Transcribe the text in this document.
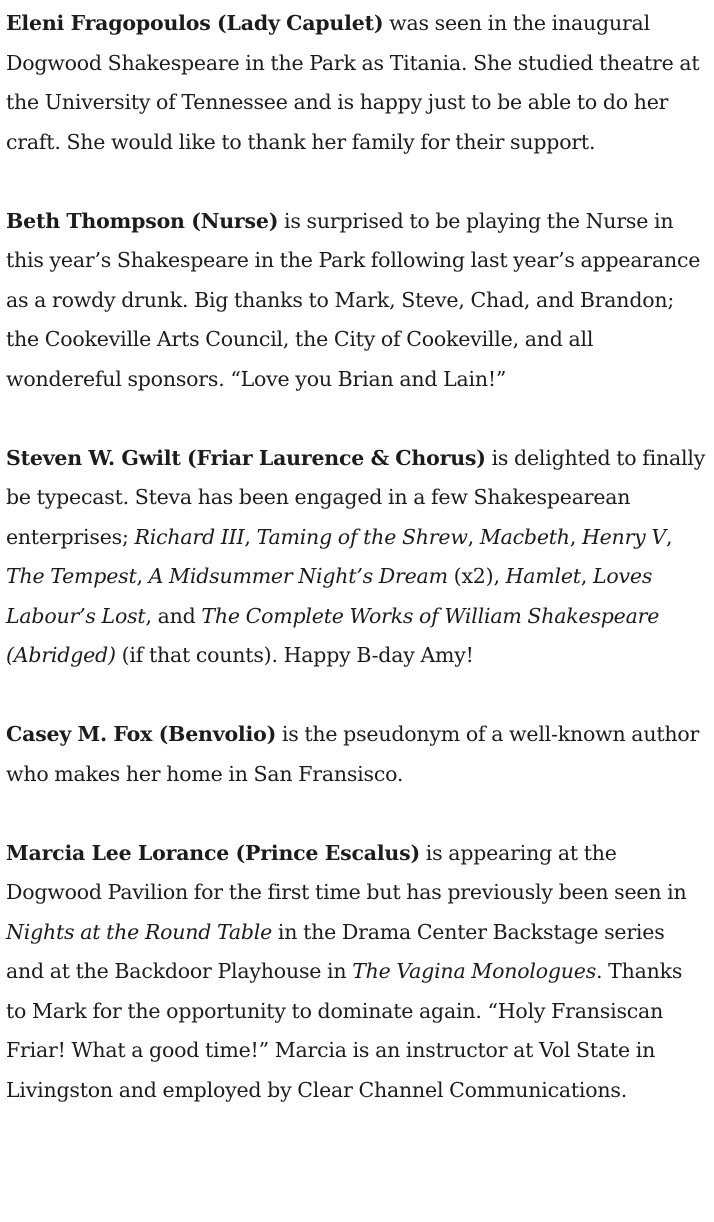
Eleni Fragopoulos (Lady Capulet) was seen in the inaugural Dogwood Shakespeare in the Park as Titania. She studied theatre at the University of Tennessee and is happy just to be able to do her craft. She would like to thank her family for their support.

Beth Thompson (Nurse) is surprised to be playing the Nurse in this year’s Shakespeare in the Park following last year’s appearance as a rowdy drunk. Big thanks to Mark, Steve, Chad, and Brandon; the Cookeville Arts Council, the City of Cookeville, and all wondereful sponsors. “Love you Brian and Lain!”

Steven W. Gwilt (Friar Laurence & Chorus) is delighted to finally be typecast. Steva has been engaged in a few Shakespearean enterprises; Richard III, Taming of the Shrew, Macbeth, Henry V, The Tempest, A Midsummer Night’s Dream (x2), Hamlet, Loves Labour’s Lost, and The Complete Works of William Shakespeare (Abridged) (if that counts). Happy B-day Amy!

Casey M. Fox (Benvolio) is the pseudonym of a well-known author who makes her home in San Fransisco.

Marcia Lee Lorance (Prince Escalus) is appearing at the Dogwood Pavilion for the first time but has previously been seen in Nights at the Round Table in the Drama Center Backstage series and at the Backdoor Playhouse in The Vagina Monologues. Thanks to Mark for the opportunity to dominate again. “Holy Fransiscan Friar! What a good time!” Marcia is an instructor at Vol State in Livingston and employed by Clear Channel Communications.
